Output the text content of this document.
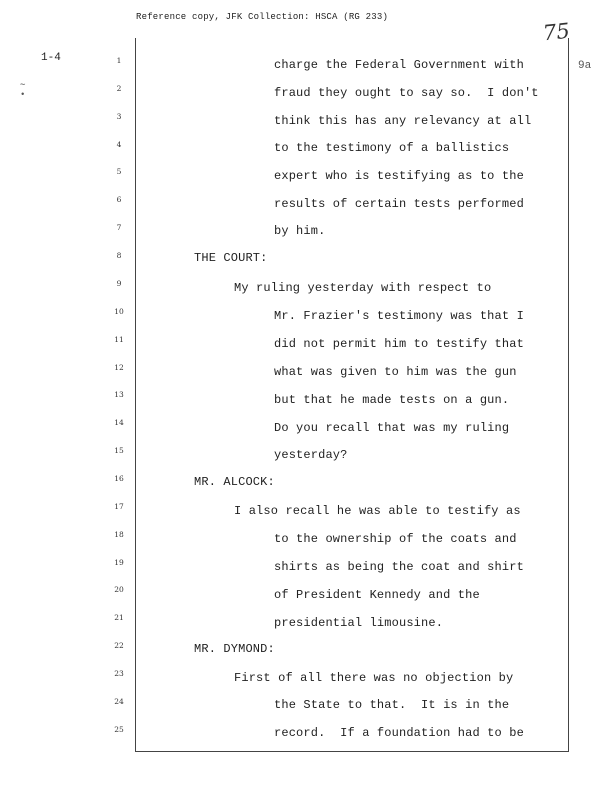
Reference copy, JFK Collection: HSCA (RG 233)
75
1-4
∼
•
9a
1
2
3
4
5
6
7
8
9
10
11
12
13
14
15
16
17
18
19
20
21
22
23
24
25
charge the Federal Government with
fraud they ought to say so.  I don't
think this has any relevancy at all
to the testimony of a ballistics
expert who is testifying as to the
results of certain tests performed
by him.
THE COURT:
My ruling yesterday with respect to
Mr. Frazier's testimony was that I
did not permit him to testify that
what was given to him was the gun
but that he made tests on a gun.
Do you recall that was my ruling
yesterday?
MR. ALCOCK:
I also recall he was able to testify as
to the ownership of the coats and
shirts as being the coat and shirt
of President Kennedy and the
presidential limousine.
MR. DYMOND:
First of all there was no objection by
the State to that.  It is in the
record.  If a foundation had to be
